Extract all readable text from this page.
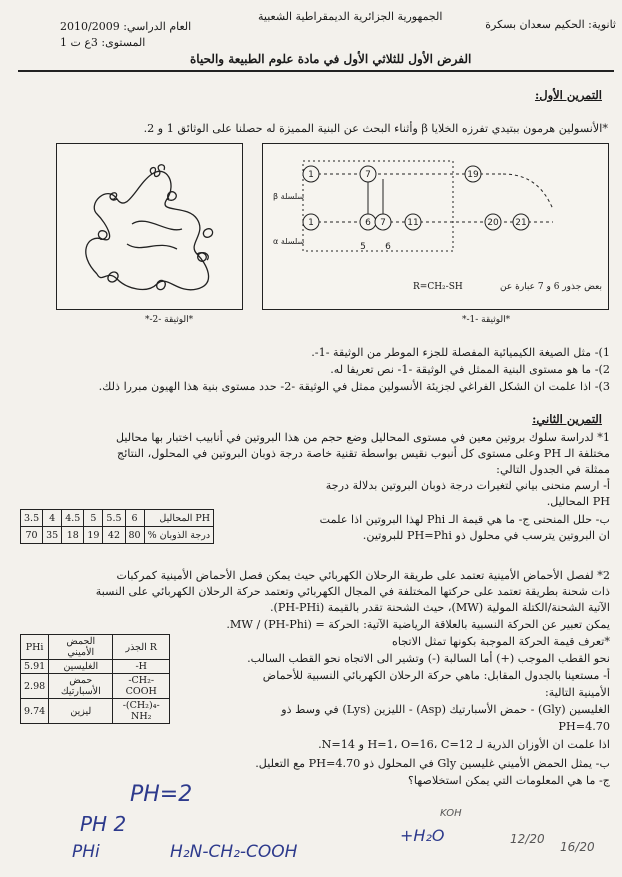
ثانوية: الحكيم سعدان بسكرة
الجمهورية الجزائرية الديمقراطية الشعبية
العام الدراسي: 2010/2009
المستوى: 3ع ت 1
الفرض الأول للثلاثي الأول في مادة علوم الطبيعة والحياة
التمرين الأول:
*الأنسولين هرمون ببتيدي تفرزه الخلايا β وأثناء البحث عن البنية المميزة له حصلنا على الوثائق 1 و 2.
*الوثيقة -2-*
1	7	19
1	6 7 11	20 21
5 6
β سلسلة
α سلسلة
بعض جذور 6 و 7 عبارة عن
R=CH₂-SH
*الوثيقة -1-*
1)- مثل الصيغة الكيميائية المفصلة للجزء الموطر من الوثيقة -1-.
2)- ما هو مستوى البنية الممثل في الوثيقة -1- نص تعريفا له.
3)- اذا علمت ان الشكل الفراغي لجزيئة الأنسولين ممثل في الوثيقة -2- حدد مستوى بنية هذا الهيون مبررا ذلك.
التمرين الثاني:
1* لدراسة سلوك بروتين معين في مستوى المحاليل وضع حجم من هذا البروتين في أنابيب اختبار بها محاليل
مختلفة الـ PH وعلى مستوى كل أنبوب نقيس بواسطة تقنية خاصة درجة ذوبان البروتين في المحلول، النتائج
ممثلة في الجدول التالي:
أ- ارسم منحنى بياني لتغيرات درجة ذوبان البروتين بدلالة درجة
PH المحاليل.
ب- حلل المنحنى ج- ما هي قيمة الـ Phi لهذا البروتين اذا علمت
ان البروتين يترسب في محلول ذو PH=Phi للبروتين.
3.5	4	4.5	5	5.5	6	PH المحاليل
70	35	18	19	42	80	درجة الذوبان %
2* لفصل الأحماض الأمينية تعتمد على طريقة الرحلان الكهربائي حيث يمكن فصل الأحماض الأمينية كمركبات
ذات شحنة بطريقة تعتمد على حركتها المختلفة في المجال الكهربائي وتعتمد حركة الرحلان الكهربائي على النسبة
الآتية الشحنة/الكتلة المولية (MW)، حيث الشحنة تقدر بالقيمة (PH-PHi).
يمكن تعبير عن الحركة النسبية بالعلاقة الرياضية الآتية: الحركة = (PH-Phi) / MW.
*تعرف قيمة الحركة الموجبة بكونها تمثل الاتجاه
نحو القطب الموجب (+) أما السالبة (-) وتشير الى الاتجاه نحو القطب السالب.
أ- مستعينا بالجدول المقابل: ماهي حركة الرحلان الكهربائي النسبية للأحماض
الأمينية التالية:
الغليسين (Gly) - حمض الأسبارتيك (Asp) - الليزين (Lys) في وسط ذو
PH=4.70
اذا علمت ان الأوزان الذرية لـ H=1، O=16، C=12 و N=14.
ب- يمثل الحمض الأميني غليسين Gly في المحلول ذو PH=4.70 مع التعليل.
ج- ما هي المعلومات التي يمكن استخلاصها؟
PHi	الحمض الأميني	الجذر R
5.91	الغليسين	-H
2.98	حمض الأسبارتيك	-CH₂-COOH
9.74	ليزين	-(CH₂)₄-NH₂
PH=2
PH 2
PHi	H₂N-CH₂-COOH
KOH
+H₂O	12/20
16/20
